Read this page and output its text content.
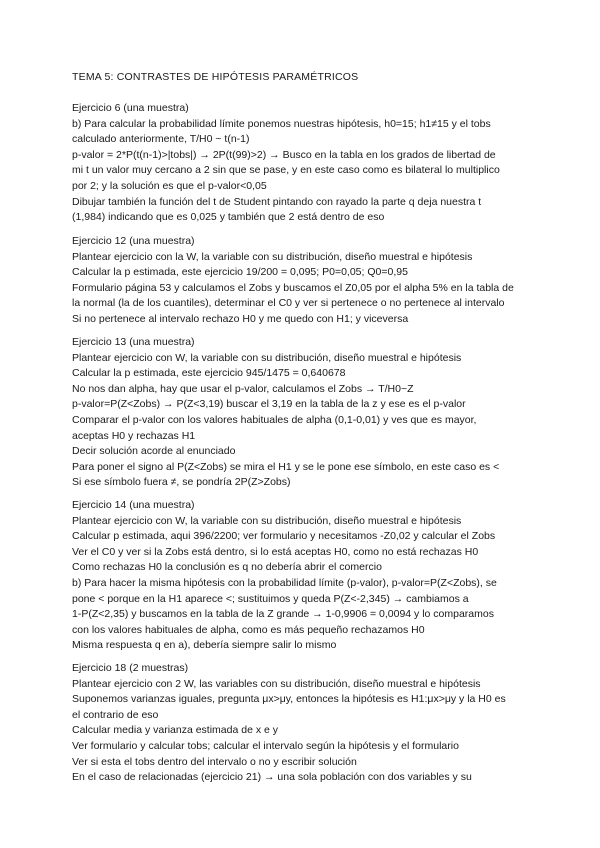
TEMA 5: CONTRASTES DE HIPÓTESIS PARAMÉTRICOS
Ejercicio 6 (una muestra)
b) Para calcular la probabilidad límite ponemos nuestras hipótesis, h0=15; h1≠15 y el tobs
calculado anteriormente, T/H0 ~ t(n-1)
p-valor = 2*P(t(n-1)>|tobs|) → 2P(t(99)>2) → Busco en la tabla en los grados de libertad de
mi t un valor muy cercano a 2 sin que se pase, y en este caso como es bilateral lo multiplico
por 2; y la solución es que el p-valor<0,05
Dibujar también la función del t de Student pintando con rayado la parte q deja nuestra t
(1,984) indicando que es 0,025 y también que 2 está dentro de eso
Ejercicio 12 (una muestra)
Plantear ejercicio con la W, la variable con su distribución, diseño muestral e hipótesis
Calcular la p estimada, este ejercicio 19/200 = 0,095; P0=0,05; Q0=0,95
Formulario página 53 y calculamos el Zobs y buscamos el Z0,05 por el alpha 5% en la tabla de
la normal (la de los cuantiles), determinar el C0 y ver si pertenece o no pertenece al intervalo
Si no pertenece al intervalo rechazo H0 y me quedo con H1; y viceversa
Ejercicio 13 (una muestra)
Plantear ejercicio con W, la variable con su distribución, diseño muestral e hipótesis
Calcular la p estimada, este ejercicio 945/1475 = 0,640678
No nos dan alpha, hay que usar el p-valor, calculamos el Zobs → T/H0~Z
p-valor=P(Z<Zobs) → P(Z<3,19) buscar el 3,19 en la tabla de la z y ese es el p-valor
Comparar el p-valor con los valores habituales de alpha (0,1-0,01) y ves que es mayor,
aceptas H0 y rechazas H1
Decir solución acorde al enunciado
Para poner el signo al P(Z<Zobs) se mira el H1 y se le pone ese símbolo, en este caso es <
Si ese símbolo fuera ≠, se pondría 2P(Z>Zobs)
Ejercicio 14 (una muestra)
Plantear ejercicio con W, la variable con su distribución, diseño muestral e hipótesis
Calcular p estimada, aqui 396/2200; ver formulario y necesitamos -Z0,02 y calcular el Zobs
Ver el C0 y ver si la Zobs está dentro, si lo está aceptas H0, como no está rechazas H0
Como rechazas H0 la conclusión es q no debería abrir el comercio
b) Para hacer la misma hipótesis con la probabilidad límite (p-valor), p-valor=P(Z<Zobs), se
pone < porque en la H1 aparece <; sustituimos y queda P(Z<-2,345) → cambiamos a
1-P(Z<2,35) y buscamos en la tabla de la Z grande → 1-0,9906 = 0,0094 y lo comparamos
con los valores habituales de alpha, como es más pequeño rechazamos H0
Misma respuesta q en a), debería siempre salir lo mismo
Ejercicio 18 (2 muestras)
Plantear ejercicio con 2 W, las variables con su distribución, diseño muestral e hipótesis
Suponemos varianzas iguales, pregunta μx>μy, entonces la hipótesis es H1:μx>μy y la H0 es
el contrario de eso
Calcular media y varianza estimada de x e y
Ver formulario y calcular tobs; calcular el intervalo según la hipótesis y el formulario
Ver si esta el tobs dentro del intervalo o no y escribir solución
En el caso de relacionadas (ejercicio 21) → una sola población con dos variables y su
